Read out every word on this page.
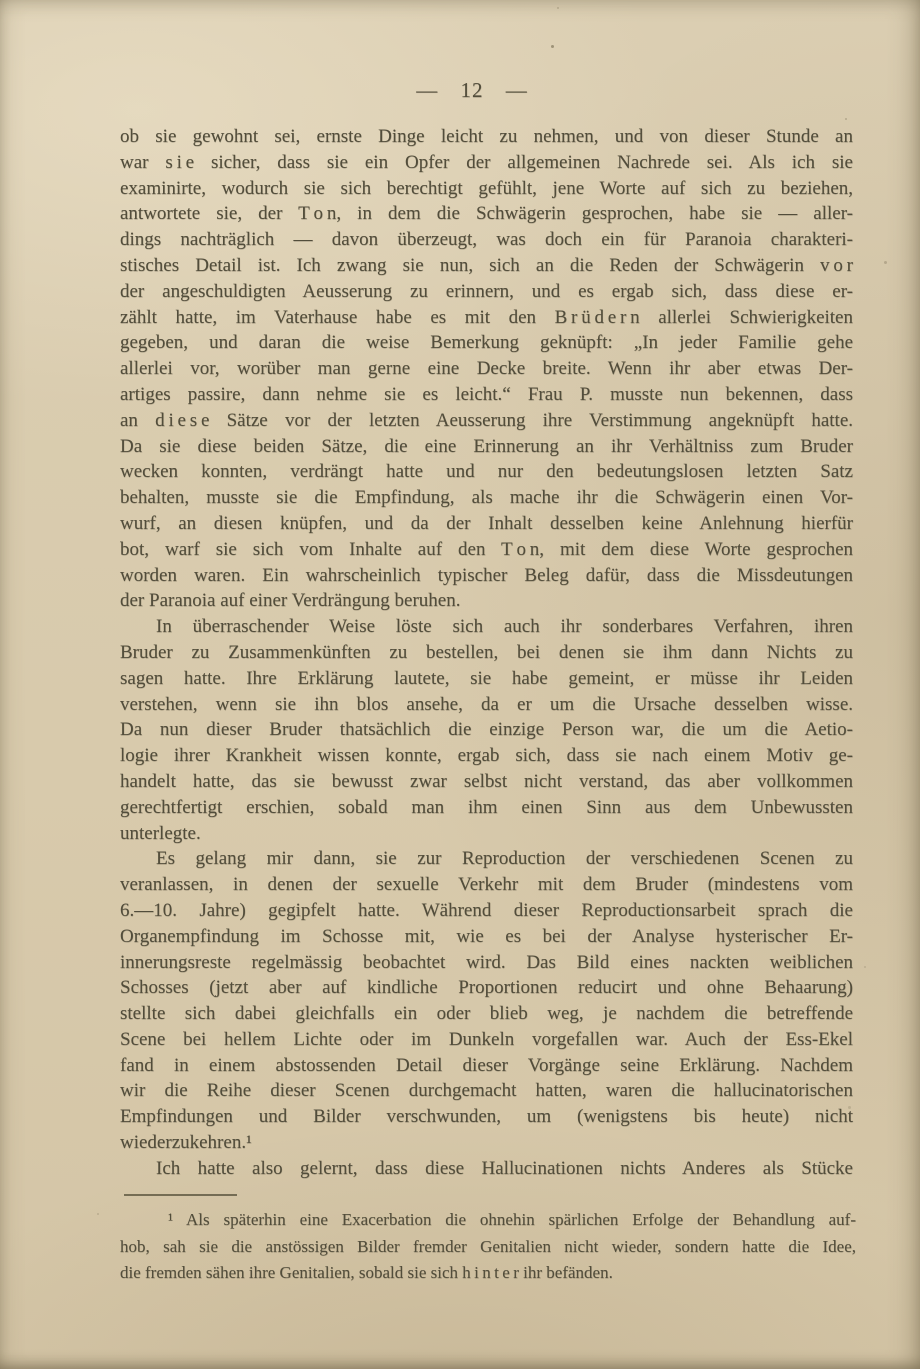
— 12 —
ob sie gewohnt sei, ernste Dinge leicht zu nehmen, und von dieser Stunde an
war s i e sicher, dass sie ein Opfer der allgemeinen Nachrede sei. Als ich sie
examinirte, wodurch sie sich berechtigt gefühlt, jene Worte auf sich zu beziehen,
antwortete sie, der T o n, in dem die Schwägerin gesprochen, habe sie — aller-
dings nachträglich — davon überzeugt, was doch ein für Paranoia charakteri-
stisches Detail ist. Ich zwang sie nun, sich an die Reden der Schwägerin v o r
der angeschuldigten Aeusserung zu erinnern, und es ergab sich, dass diese er-
zählt hatte, im Vaterhause habe es mit den B r ü d e r n allerlei Schwierigkeiten
gegeben, und daran die weise Bemerkung geknüpft: „In jeder Familie gehe
allerlei vor, worüber man gerne eine Decke breite. Wenn ihr aber etwas Der-
artiges passire, dann nehme sie es leicht.“ Frau P. musste nun bekennen, dass
an d i e s e Sätze vor der letzten Aeusserung ihre Verstimmung angeknüpft hatte.
Da sie diese beiden Sätze, die eine Erinnerung an ihr Verhältniss zum Bruder
wecken konnten, verdrängt hatte und nur den bedeutungslosen letzten Satz
behalten, musste sie die Empfindung, als mache ihr die Schwägerin einen Vor-
wurf, an diesen knüpfen, und da der Inhalt desselben keine Anlehnung hierfür
bot, warf sie sich vom Inhalte auf den T o n, mit dem diese Worte gesprochen
worden waren. Ein wahrscheinlich typischer Beleg dafür, dass die Missdeutungen
der Paranoia auf einer Verdrängung beruhen.
In überraschender Weise löste sich auch ihr sonderbares Verfahren, ihren
Bruder zu Zusammenkünften zu bestellen, bei denen sie ihm dann Nichts zu
sagen hatte. Ihre Erklärung lautete, sie habe gemeint, er müsse ihr Leiden
verstehen, wenn sie ihn blos ansehe, da er um die Ursache desselben wisse.
Da nun dieser Bruder thatsächlich die einzige Person war, die um die Aetio-
logie ihrer Krankheit wissen konnte, ergab sich, dass sie nach einem Motiv ge-
handelt hatte, das sie bewusst zwar selbst nicht verstand, das aber vollkommen
gerechtfertigt erschien, sobald man ihm einen Sinn aus dem Unbewussten
unterlegte.
Es gelang mir dann, sie zur Reproduction der verschiedenen Scenen zu
veranlassen, in denen der sexuelle Verkehr mit dem Bruder (mindestens vom
6.—10. Jahre) gegipfelt hatte. Während dieser Reproductionsarbeit sprach die
Organempfindung im Schosse mit, wie es bei der Analyse hysterischer Er-
innerungsreste regelmässig beobachtet wird. Das Bild eines nackten weiblichen
Schosses (jetzt aber auf kindliche Proportionen reducirt und ohne Behaarung)
stellte sich dabei gleichfalls ein oder blieb weg, je nachdem die betreffende
Scene bei hellem Lichte oder im Dunkeln vorgefallen war. Auch der Ess-Ekel
fand in einem abstossenden Detail dieser Vorgänge seine Erklärung. Nachdem
wir die Reihe dieser Scenen durchgemacht hatten, waren die hallucinatorischen
Empfindungen und Bilder verschwunden, um (wenigstens bis heute) nicht
wiederzukehren.¹
Ich hatte also gelernt, dass diese Hallucinationen nichts Anderes als Stücke
¹ Als späterhin eine Exacerbation die ohnehin spärlichen Erfolge der Behandlung auf-
hob, sah sie die anstössigen Bilder fremder Genitalien nicht wieder, sondern hatte die Idee,
die fremden sähen ihre Genitalien, sobald sie sich h i n t e r ihr befänden.
